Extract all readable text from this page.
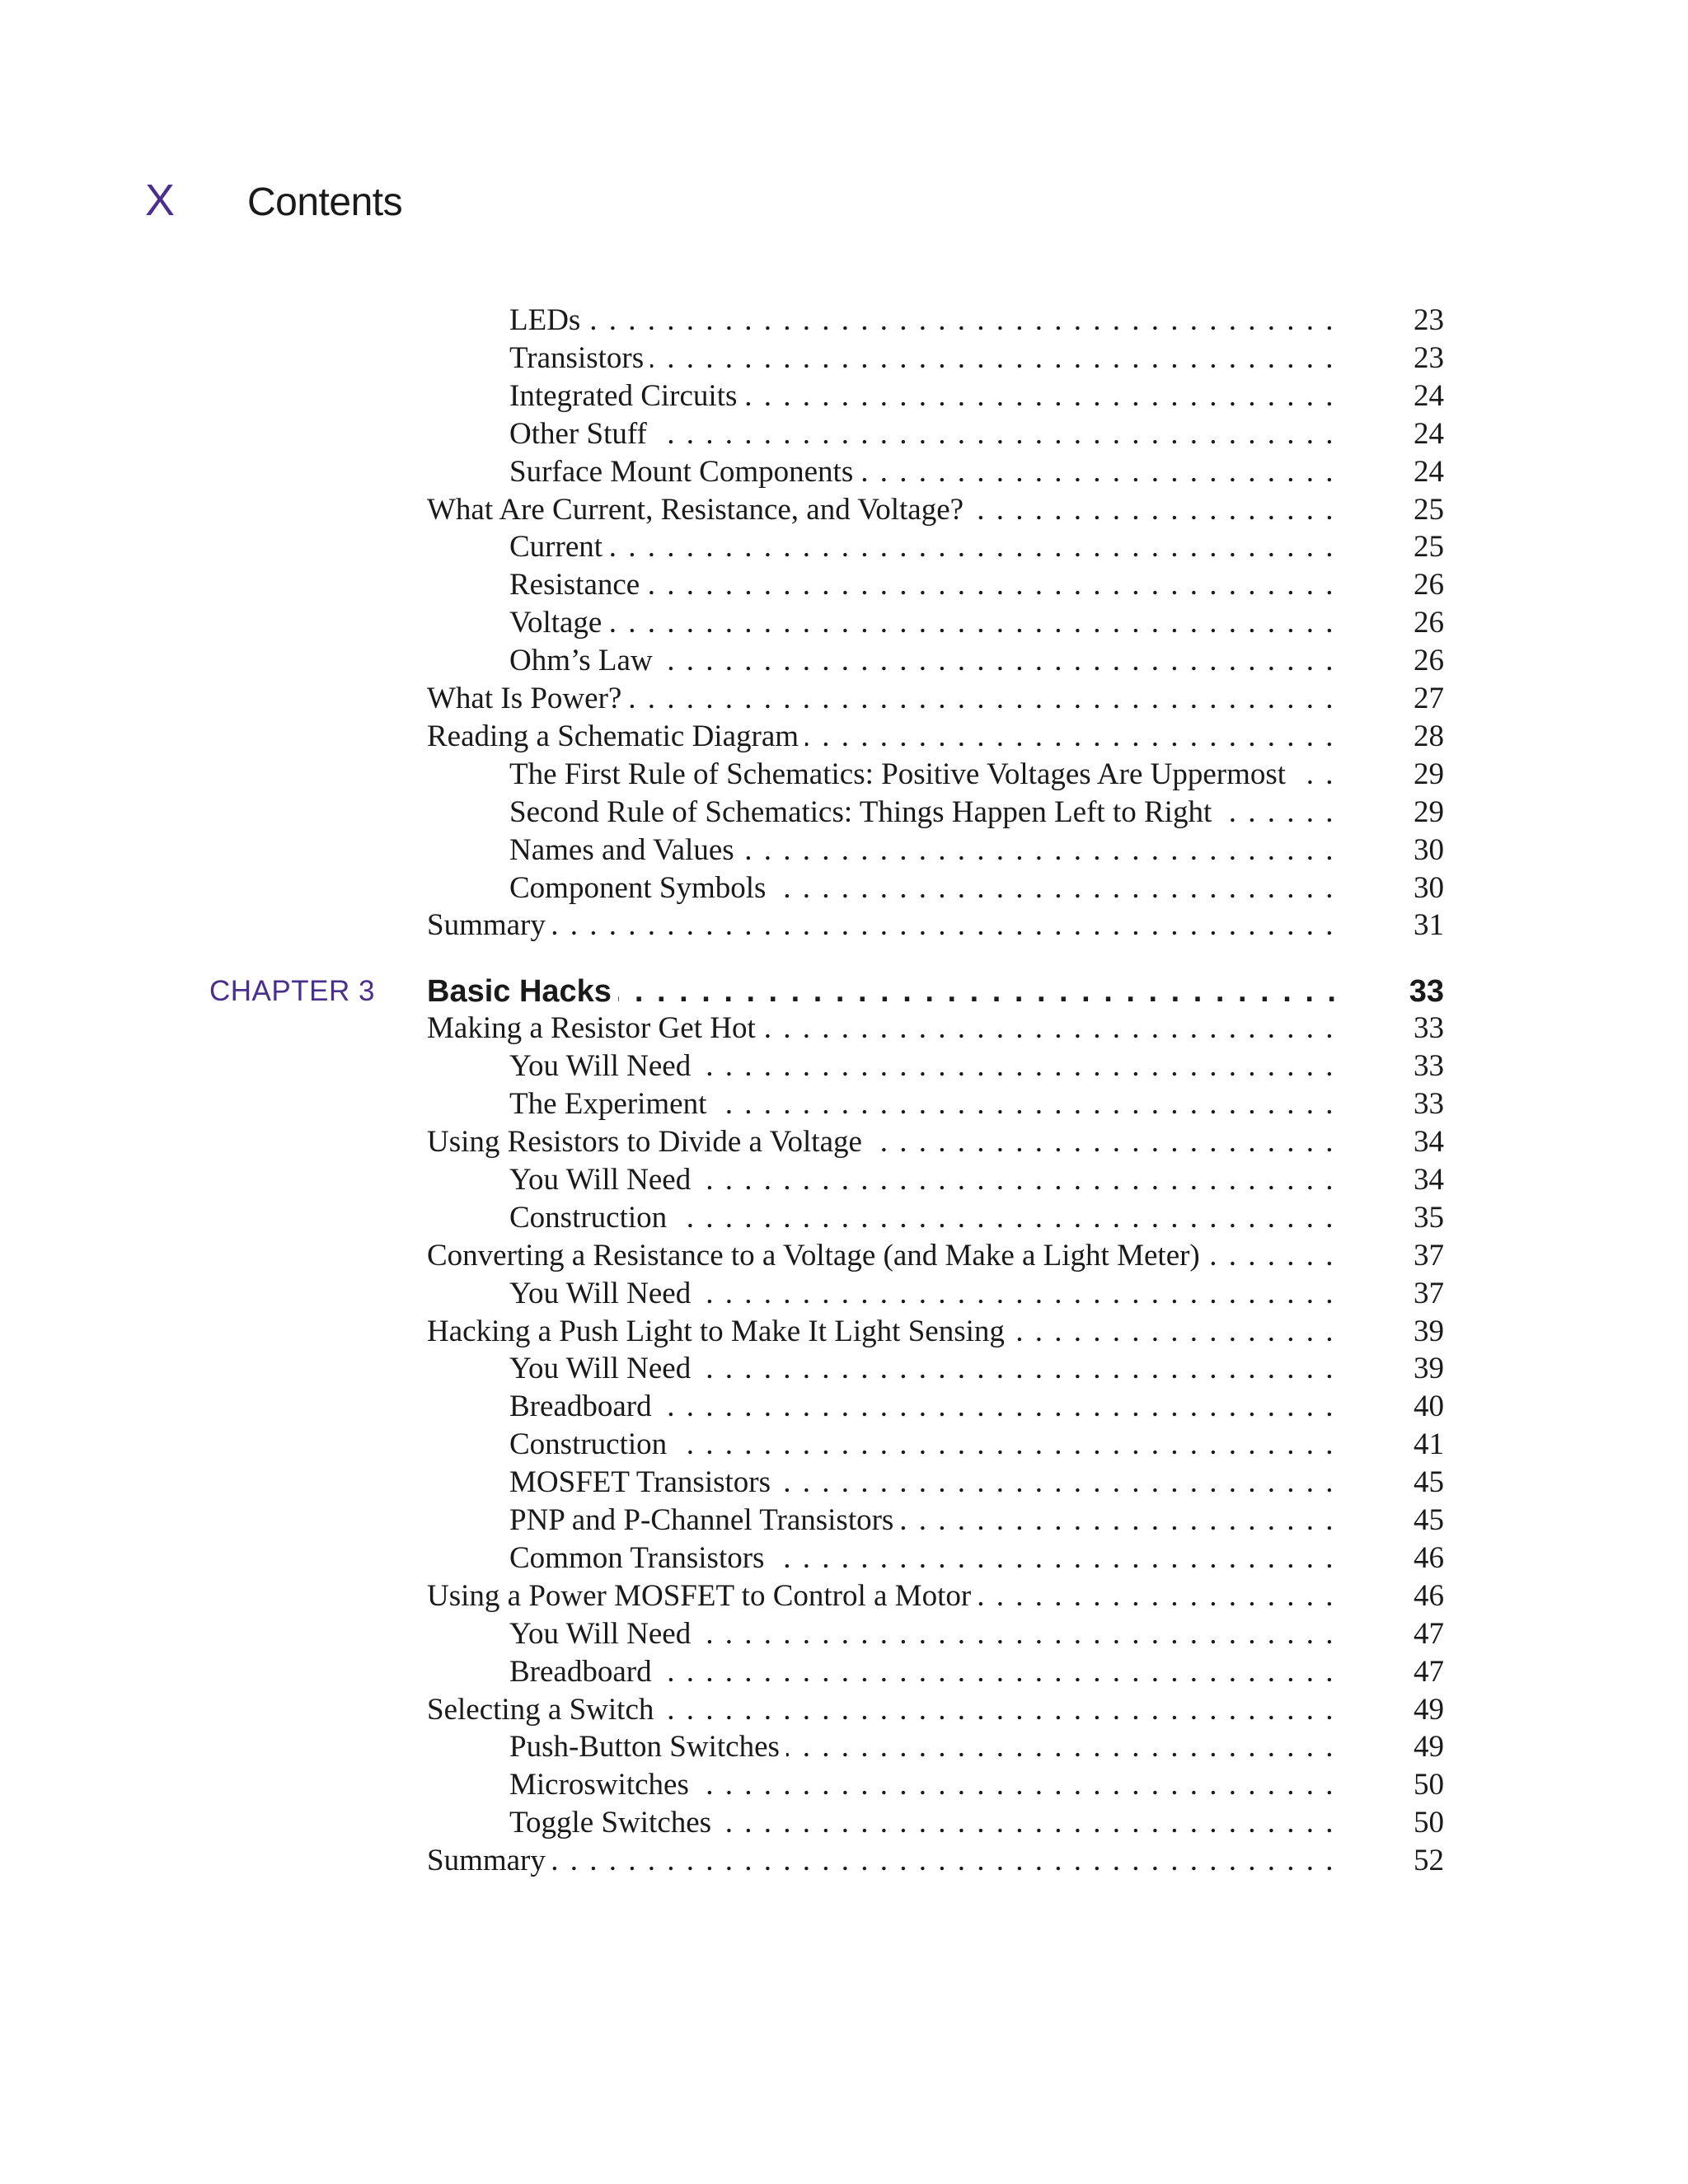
X	Contents
LEDs . . .	23
Transistors . . .	23
Integrated Circuits . . .	24
Other Stuff . . .	24
Surface Mount Components . . .	24
What Are Current, Resistance, and Voltage? . . .	25
Current . . .	25
Resistance . . .	26
Voltage . . .	26
Ohm’s Law . . .	26
What Is Power? . . .	27
Reading a Schematic Diagram . . .	28
The First Rule of Schematics: Positive Voltages Are Uppermost . . .	29
Second Rule of Schematics: Things Happen Left to Right . . .	29
Names and Values . . .	30
Component Symbols . . .	30
Summary . . .	31
CHAPTER 3 Basic Hacks . . .	33
Making a Resistor Get Hot . . .	33
You Will Need . . .	33
The Experiment . . .	33
Using Resistors to Divide a Voltage . . .	34
You Will Need . . .	34
Construction . . .	35
Converting a Resistance to a Voltage (and Make a Light Meter) . . .	37
You Will Need . . .	37
Hacking a Push Light to Make It Light Sensing . . .	39
You Will Need . . .	39
Breadboard . . .	40
Construction . . .	41
MOSFET Transistors . . .	45
PNP and P-Channel Transistors . . .	45
Common Transistors . . .	46
Using a Power MOSFET to Control a Motor . . .	46
You Will Need . . .	47
Breadboard . . .	47
Selecting a Switch . . .	49
Push-Button Switches . . .	49
Microswitches . . .	50
Toggle Switches . . .	50
Summary . . .	52
